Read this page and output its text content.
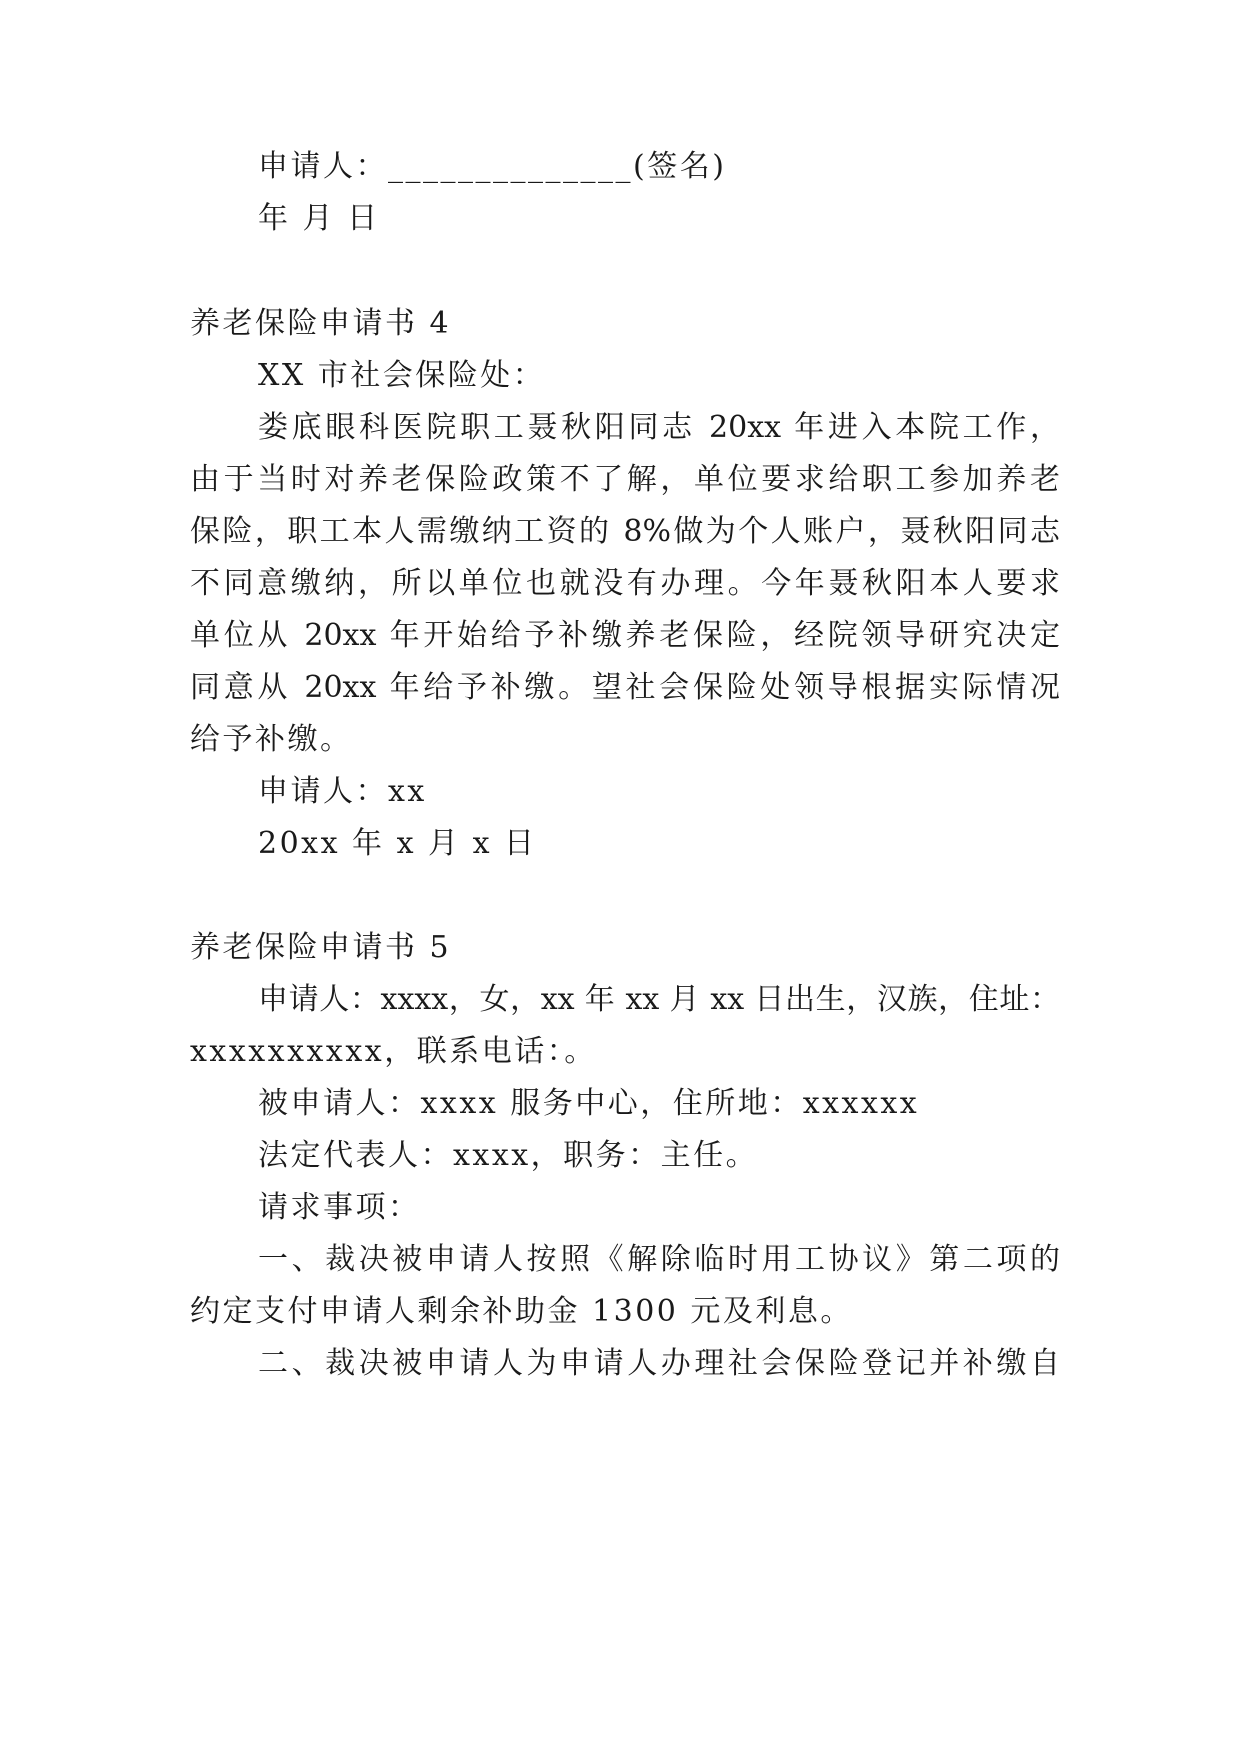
申请人：______________(签名)
年 月 日
养老保险申请书 4
XX 市社会保险处：
娄底眼科医院职工聂秋阳同志 20xx 年进入本院工作，
由于当时对养老保险政策不了解，单位要求给职工参加养老
保险，职工本人需缴纳工资的 8%做为个人账户，聂秋阳同志
不同意缴纳，所以单位也就没有办理。今年聂秋阳本人要求
单位从 20xx 年开始给予补缴养老保险，经院领导研究决定
同意从 20xx 年给予补缴。望社会保险处领导根据实际情况
给予补缴。
申请人：xx
20xx 年 x 月 x 日
养老保险申请书 5
申请人：xxxx，女，xx 年 xx 月 xx 日出生，汉族，住址：
xxxxxxxxxx，联系电话：。
被申请人：xxxx 服务中心，住所地：xxxxxx
法定代表人：xxxx，职务：主任。
请求事项：
一、裁决被申请人按照《解除临时用工协议》第二项的
约定支付申请人剩余补助金 1300 元及利息。
二、裁决被申请人为申请人办理社会保险登记并补缴自
